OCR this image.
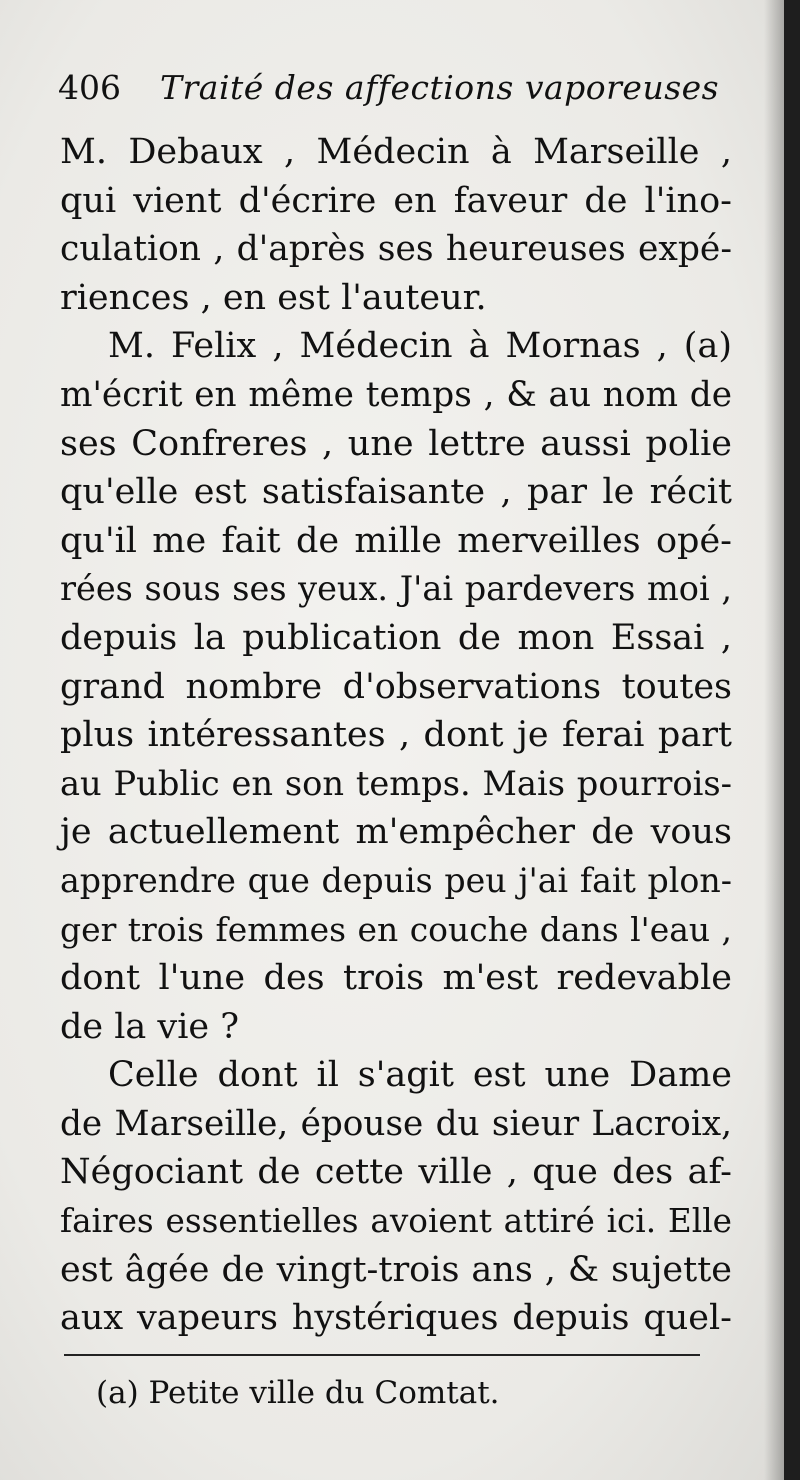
406 Traité des affections vaporeuses
M. Debaux , Médecin à Marseille ,
qui vient d'écrire en faveur de l'ino-
culation , d'après ses heureuses expé-
riences , en est l'auteur.
M. Felix , Médecin à Mornas , (a)
m'écrit en même temps , & au nom de
ses Confreres , une lettre aussi polie
qu'elle est satisfaisante , par le récit
qu'il me fait de mille merveilles opé-
rées sous ses yeux. J'ai pardevers moi ,
depuis la publication de mon Essai ,
grand nombre d'observations toutes
plus intéressantes , dont je ferai part
au Public en son temps. Mais pourrois-
je actuellement m'empêcher de vous
apprendre que depuis peu j'ai fait plon-
ger trois femmes en couche dans l'eau ,
dont l'une des trois m'est redevable
de la vie ?
Celle dont il s'agit est une Dame
de Marseille, épouse du sieur Lacroix,
Négociant de cette ville , que des af-
faires essentielles avoient attiré ici. Elle
est âgée de vingt-trois ans , & sujette
aux vapeurs hystériques depuis quel-
(a) Petite ville du Comtat.
